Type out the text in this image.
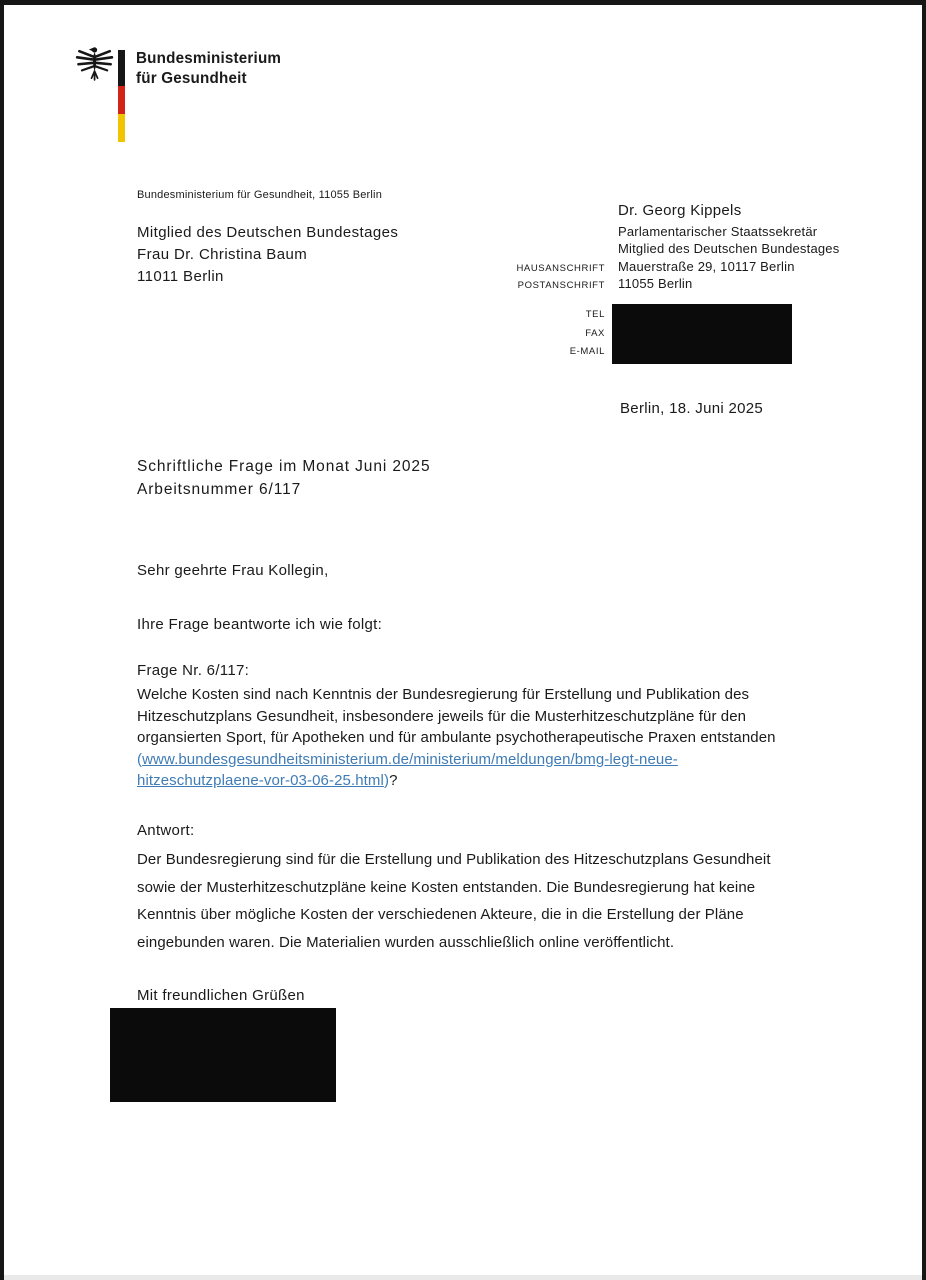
Bundesministerium
für Gesundheit
Bundesministerium für Gesundheit, 11055 Berlin
Mitglied des Deutschen Bundestages
Frau Dr. Christina Baum
11011 Berlin
Dr. Georg Kippels
Parlamentarischer Staatssekretär
Mitglied des Deutschen Bundestages
HAUSANSCHRIFT Mauerstraße 29, 10117 Berlin
POSTANSCHRIFT 11055 Berlin
TEL
FAX
E-MAIL
Berlin, 18. Juni 2025
Schriftliche Frage im Monat Juni 2025
Arbeitsnummer 6/117
Sehr geehrte Frau Kollegin,
Ihre Frage beantworte ich wie folgt:
Frage Nr. 6/117:
Welche Kosten sind nach Kenntnis der Bundesregierung für Erstellung und Publikation des
Hitzeschutzplans Gesundheit, insbesondere jeweils für die Musterhitzeschutzpläne für den
organsierten Sport, für Apotheken und für ambulante psychotherapeutische Praxen entstanden
(www.bundesgesundheitsministerium.de/ministerium/meldungen/bmg-legt-neue-
hitzeschutzplaene-vor-03-06-25.html)?
Antwort:
Der Bundesregierung sind für die Erstellung und Publikation des Hitzeschutzplans Gesundheit
sowie der Musterhitzeschutzpläne keine Kosten entstanden. Die Bundesregierung hat keine
Kenntnis über mögliche Kosten der verschiedenen Akteure, die in die Erstellung der Pläne
eingebunden waren. Die Materialien wurden ausschließlich online veröffentlicht.
Mit freundlichen Grüßen
